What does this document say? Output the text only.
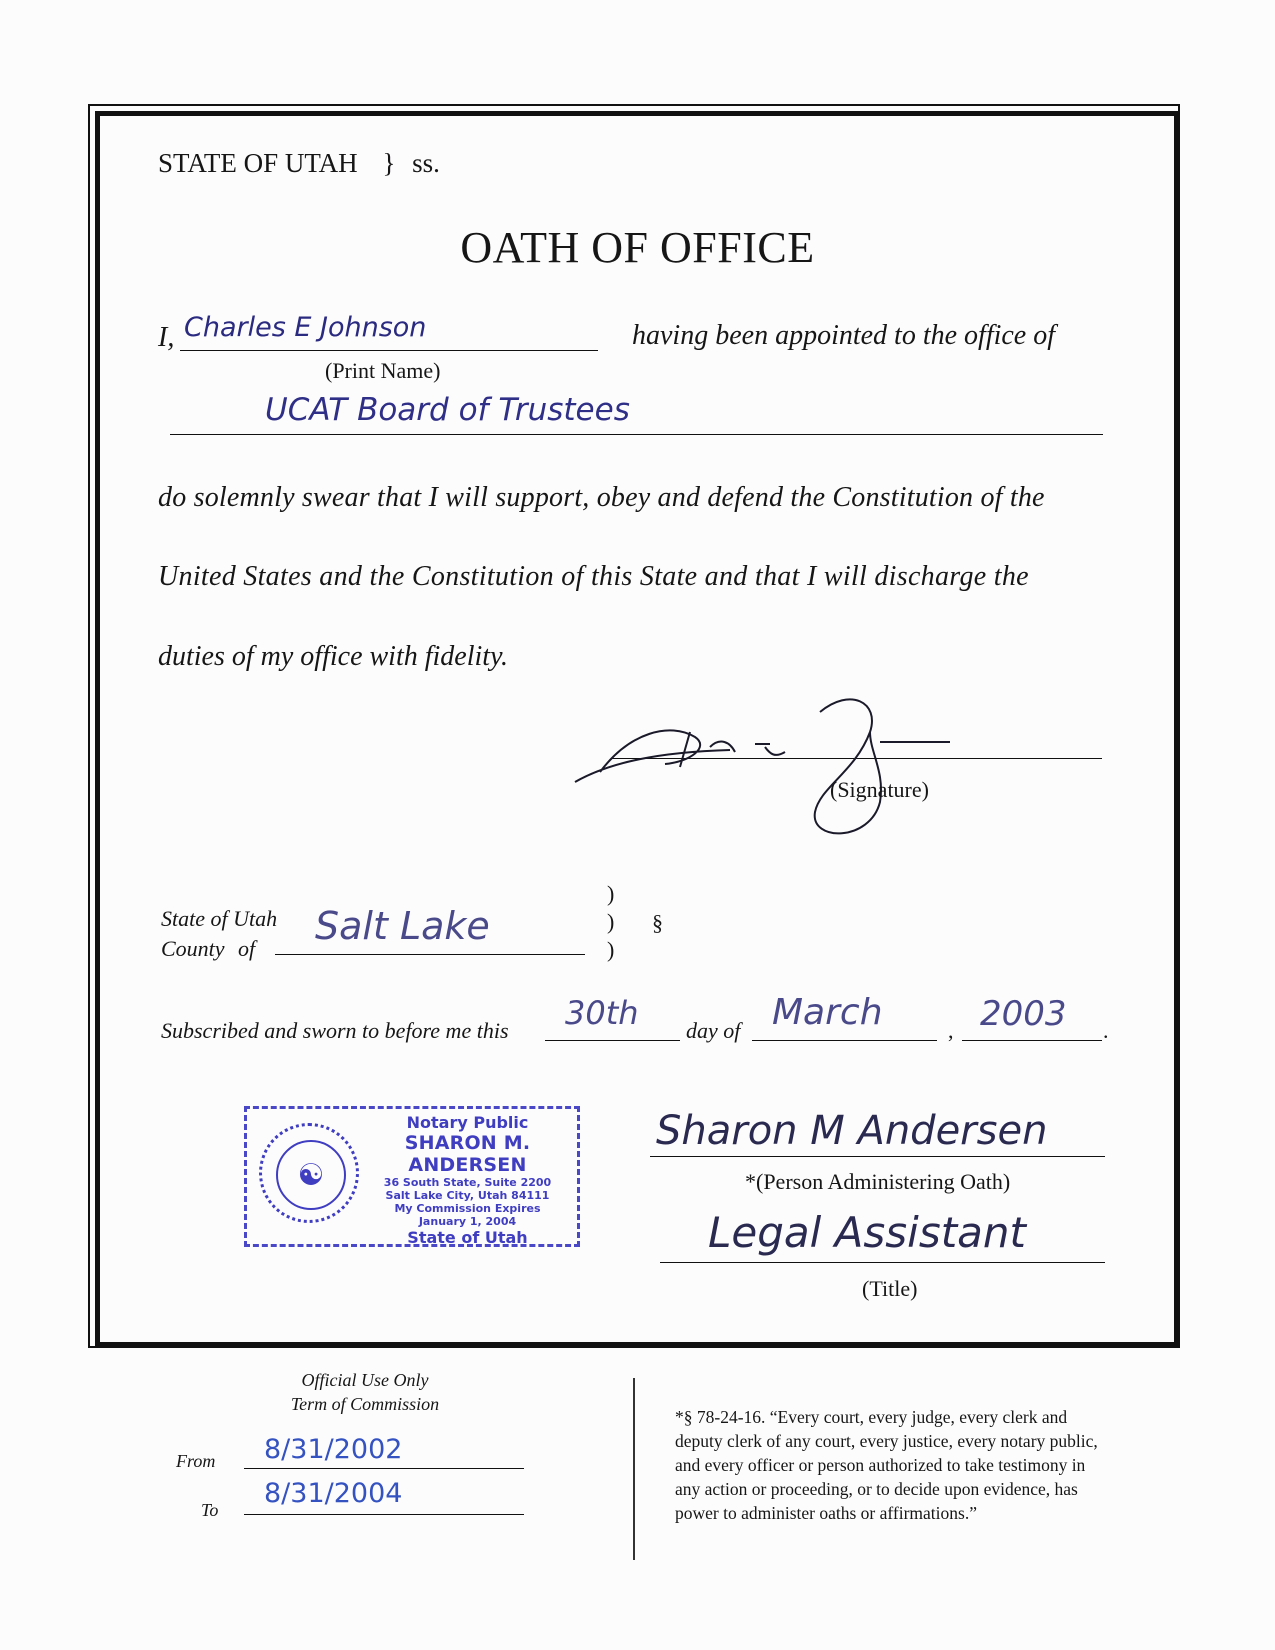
STATE OF UTAH } ss.
OATH OF OFFICE
I, Charles E Johnson
(Print Name)
having been appointed to the office of
UCAT Board of Trustees
do solemnly swear that I will support, obey and defend the Constitution of the
United States and the Constitution of this State and that I will discharge the
duties of my office with fidelity.
(Signature)
State of Utah
County of
Salt Lake
)
)
)
§
Subscribed and sworn to before me this 30th day of March	, 2003 .
☯
Notary Public
SHARON M. ANDERSEN
36 South State, Suite 2200
Salt Lake City, Utah 84111
My Commission Expires
January 1, 2004
State of Utah
Sharon M Andersen
*(Person Administering Oath)
Legal Assistant
(Title)
Official Use Only
Term of Commission
From 8/31/2002
To
8/31/2004
*§ 78-24-16. “Every court, every judge, every clerk and
deputy clerk of any court, every justice, every notary public,
and every officer or person authorized to take testimony in
any action or proceeding, or to decide upon evidence, has
power to administer oaths or affirmations.”
